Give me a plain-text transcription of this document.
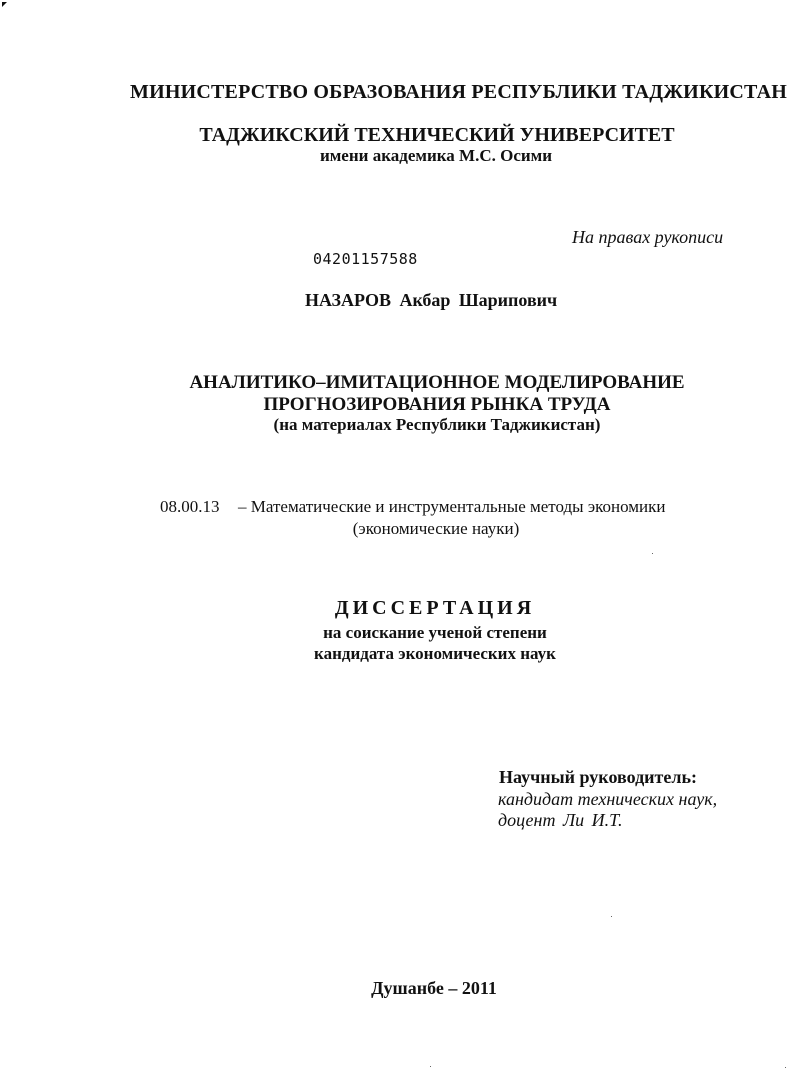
МИНИСТЕРСТВО ОБРАЗОВАНИЯ РЕСПУБЛИКИ ТАДЖИКИСТАН
ТАДЖИКСКИЙ ТЕХНИЧЕСКИЙ УНИВЕРСИТЕТ
имени академика М.С. Осими
На правах рукописи
04201157588
НАЗАРОВ Акбар Шарипович
АНАЛИТИКО–ИМИТАЦИОННОЕ МОДЕЛИРОВАНИЕ
ПРОГНОЗИРОВАНИЯ РЫНКА ТРУДА
(на материалах Республики Таджикистан)
08.00.13 – Математические и инструментальные методы экономики
(экономические науки)
ДИССЕРТАЦИЯ
на соискание ученой степени
кандидата экономических наук
Научный руководитель:
кандидат технических наук,
доцент Ли И.Т.
Душанбе – 2011
